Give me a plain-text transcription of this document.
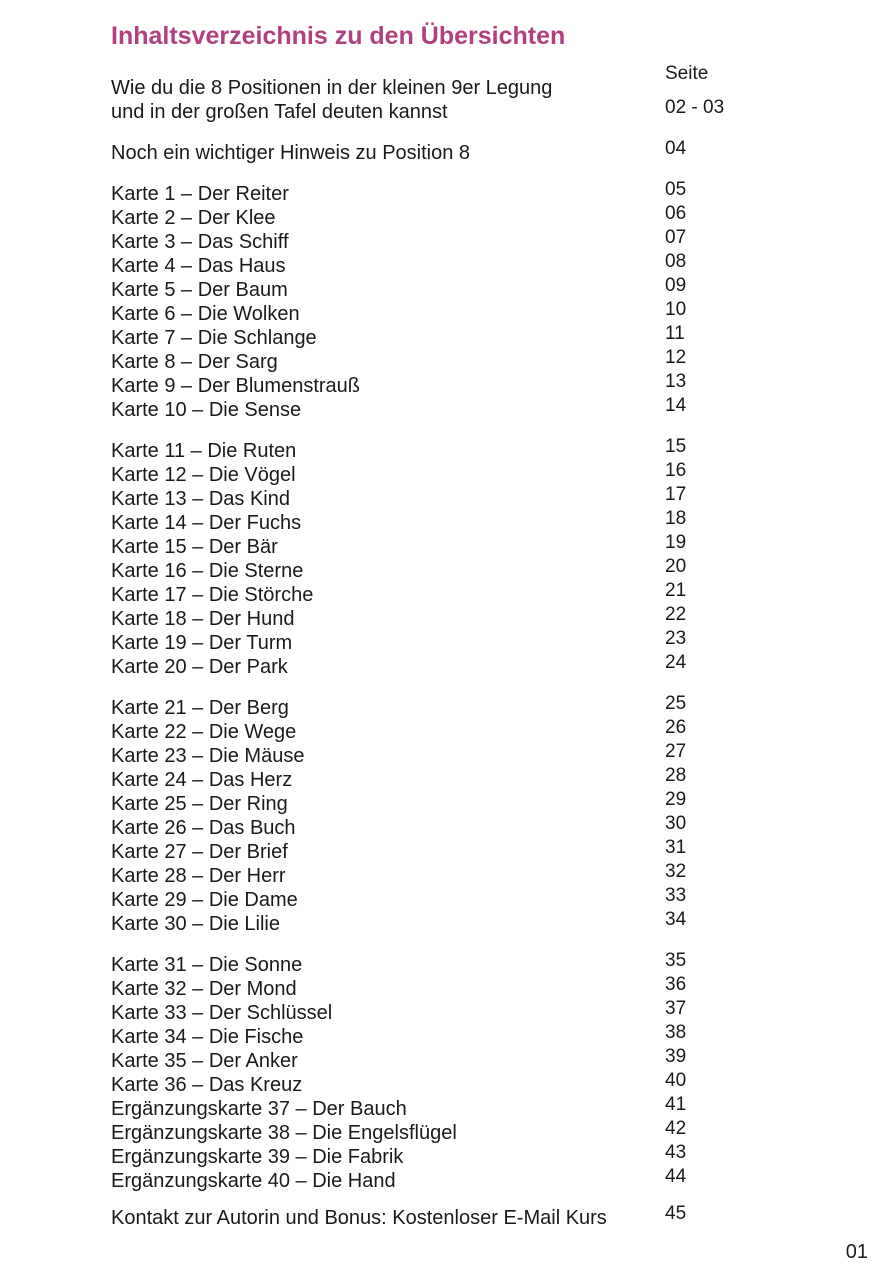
Inhaltsverzeichnis zu den Übersichten
Seite
Wie du die 8 Positionen in der kleinen 9er Legung
und in der großen Tafel deuten kannst	02 - 03
Noch ein wichtiger Hinweis zu Position 8	04
Karte 1 – Der Reiter	05
Karte 2 – Der Klee	06
Karte 3 – Das Schiff	07
Karte 4 – Das Haus	08
Karte 5 – Der Baum	09
Karte 6 – Die Wolken	10
Karte 7 – Die Schlange	11
Karte 8 – Der Sarg	12
Karte 9 – Der Blumenstrauß	13
Karte 10 – Die Sense	14
Karte 11 – Die Ruten	15
Karte 12 – Die Vögel	16
Karte 13 – Das Kind	17
Karte 14 – Der Fuchs	18
Karte 15 – Der Bär	19
Karte 16 – Die Sterne	20
Karte 17 – Die Störche	21
Karte 18 – Der Hund	22
Karte 19 – Der Turm	23
Karte 20 – Der Park	24
Karte 21 – Der Berg	25
Karte 22 – Die Wege	26
Karte 23 – Die Mäuse	27
Karte 24 – Das Herz	28
Karte 25 – Der Ring	29
Karte 26 – Das Buch	30
Karte 27 – Der Brief	31
Karte 28 – Der Herr	32
Karte 29 – Die Dame	33
Karte 30 – Die Lilie	34
Karte 31 – Die Sonne	35
Karte 32 – Der Mond	36
Karte 33 – Der Schlüssel	37
Karte 34 – Die Fische	38
Karte 35 – Der Anker	39
Karte 36 – Das Kreuz	40
Ergänzungskarte 37 – Der Bauch	41
Ergänzungskarte 38 – Die Engelsflügel	42
Ergänzungskarte 39 – Die Fabrik	43
Ergänzungskarte 40 – Die Hand	44
Kontakt zur Autorin und Bonus: Kostenloser E-Mail Kurs	45
01
